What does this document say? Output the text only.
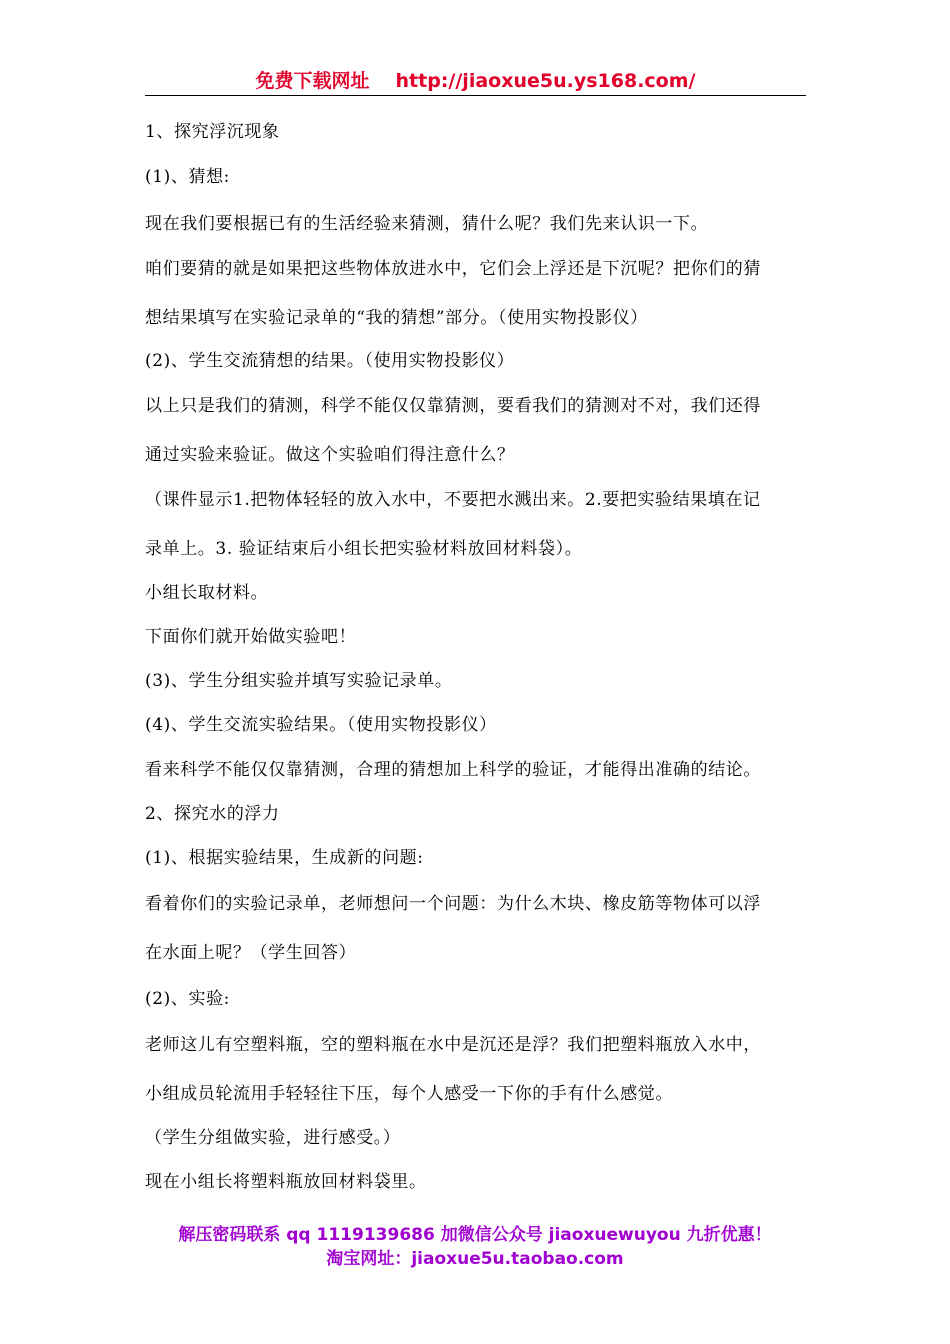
免费下载网址 http://jiaoxue5u.ys168.com/
1、探究浮沉现象
(1)、猜想:
现在我们要根据已有的生活经验来猜测，猜什么呢？我们先来认识一下。
咱们要猜的就是如果把这些物体放进水中，它们会上浮还是下沉呢？把你们的猜
想结果填写在实验记录单的“我的猜想”部分。（使用实物投影仪）
(2)、学生交流猜想的结果。（使用实物投影仪）
以上只是我们的猜测，科学不能仅仅靠猜测，要看我们的猜测对不对，我们还得
通过实验来验证。做这个实验咱们得注意什么？
（课件显示1.把物体轻轻的放入水中，不要把水溅出来。2.要把实验结果填在记
录单上。3. 验证结束后小组长把实验材料放回材料袋）。
小组长取材料。
下面你们就开始做实验吧！
(3)、学生分组实验并填写实验记录单。
(4)、学生交流实验结果。（使用实物投影仪）
看来科学不能仅仅靠猜测，合理的猜想加上科学的验证，才能得出准确的结论。
2、探究水的浮力
(1)、根据实验结果，生成新的问题:
看着你们的实验记录单，老师想问一个问题：为什么木块、橡皮筋等物体可以浮
在水面上呢？（学生回答）
(2)、实验:
老师这儿有空塑料瓶，空的塑料瓶在水中是沉还是浮？我们把塑料瓶放入水中，
小组成员轮流用手轻轻往下压，每个人感受一下你的手有什么感觉。
（学生分组做实验，进行感受。）
现在小组长将塑料瓶放回材料袋里。
解压密码联系 qq 1119139686 加微信公众号 jiaoxuewuyou 九折优惠！
淘宝网址：jiaoxue5u.taobao.com
